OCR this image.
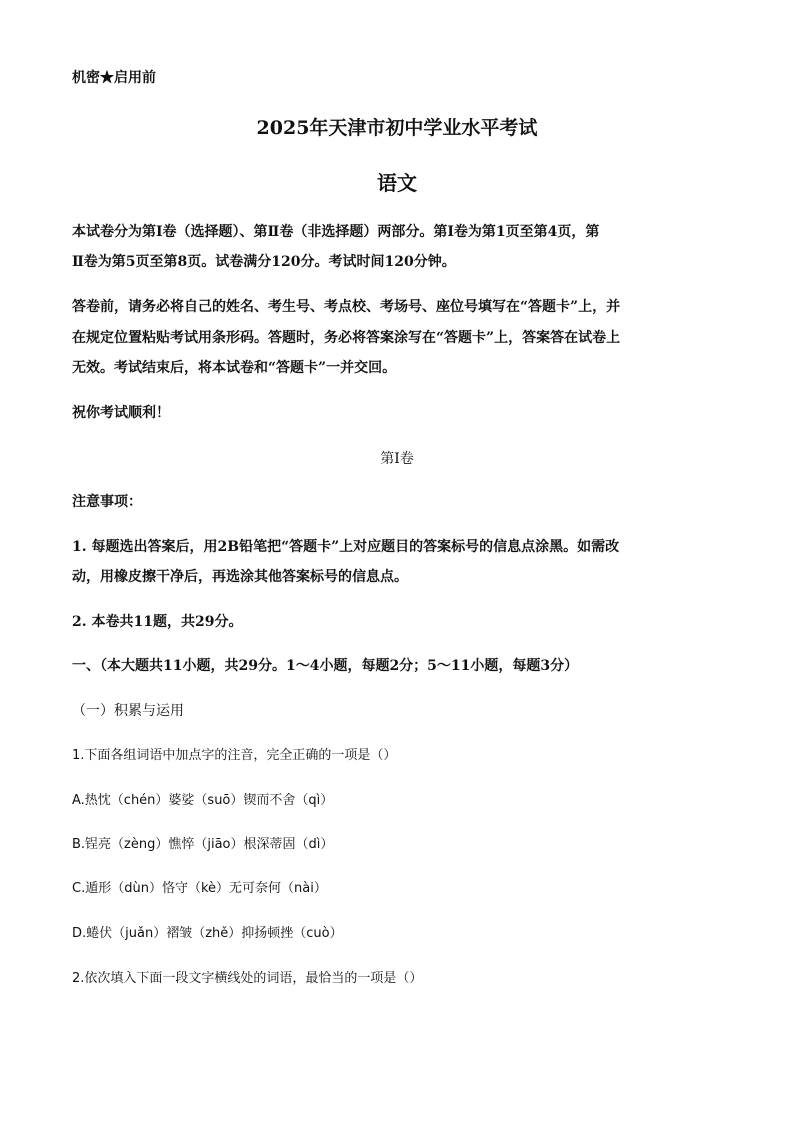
机密★启用前
2025年天津市初中学业水平考试
语文
本试卷分为第Ⅰ卷（选择题）、第Ⅱ卷（非选择题）两部分。第Ⅰ卷为第1页至第4页，第
Ⅱ卷为第5页至第8页。试卷满分120分。考试时间120分钟。
答卷前，请务必将自己的姓名、考生号、考点校、考场号、座位号填写在“答题卡”上，并
在规定位置粘贴考试用条形码。答题时，务必将答案涂写在“答题卡”上，答案答在试卷上
无效。考试结束后，将本试卷和“答题卡”一并交回。
祝你考试顺利！
第Ⅰ卷
注意事项：
1. 每题选出答案后，用2B铅笔把“答题卡”上对应题目的答案标号的信息点涂黑。如需改
动，用橡皮擦干净后，再选涂其他答案标号的信息点。
2. 本卷共11题，共29分。
一、（本大题共11小题，共29分。1～4小题，每题2分；5～11小题，每题3分）
（一）积累与运用
1.下面各组词语中加点字的注音，完全正确的一项是（）
A.热忱（chén）婆娑（suō）锲而不舍（qì）
B.锃亮（zèng）憔悴（jiāo）根深蒂固（dì）
C.遁形（dùn）恪守（kè）无可奈何（nài）
D.蜷伏（juǎn）褶皱（zhě）抑扬顿挫（cuò）
2.依次填入下面一段文字横线处的词语，最恰当的一项是（）
